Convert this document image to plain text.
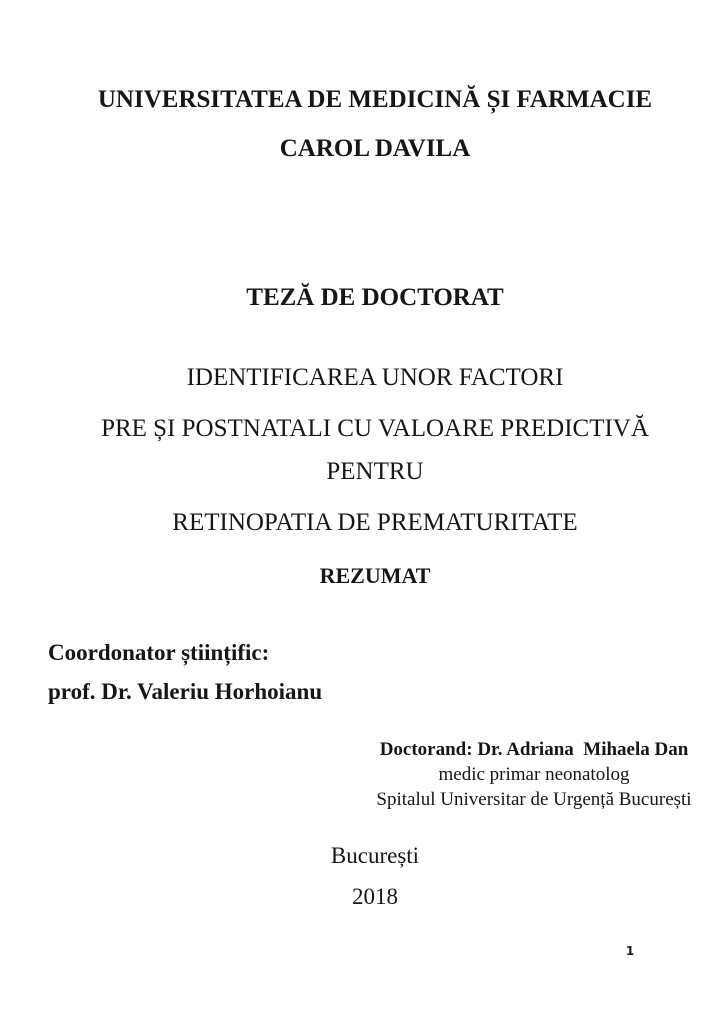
UNIVERSITATEA DE MEDICINĂ ȘI FARMACIE
CAROL DAVILA
TEZĂ DE DOCTORAT
IDENTIFICAREA UNOR FACTORI
PRE ȘI POSTNATALI CU VALOARE PREDICTIVĂ
PENTRU
RETINOPATIA DE PREMATURITATE
REZUMAT
Coordonator științific:
prof. Dr. Valeriu Horhoianu
Doctorand: Dr. Adriana  Mihaela Dan
medic primar neonatolog
Spitalul Universitar de Urgență București
București
2018
1
